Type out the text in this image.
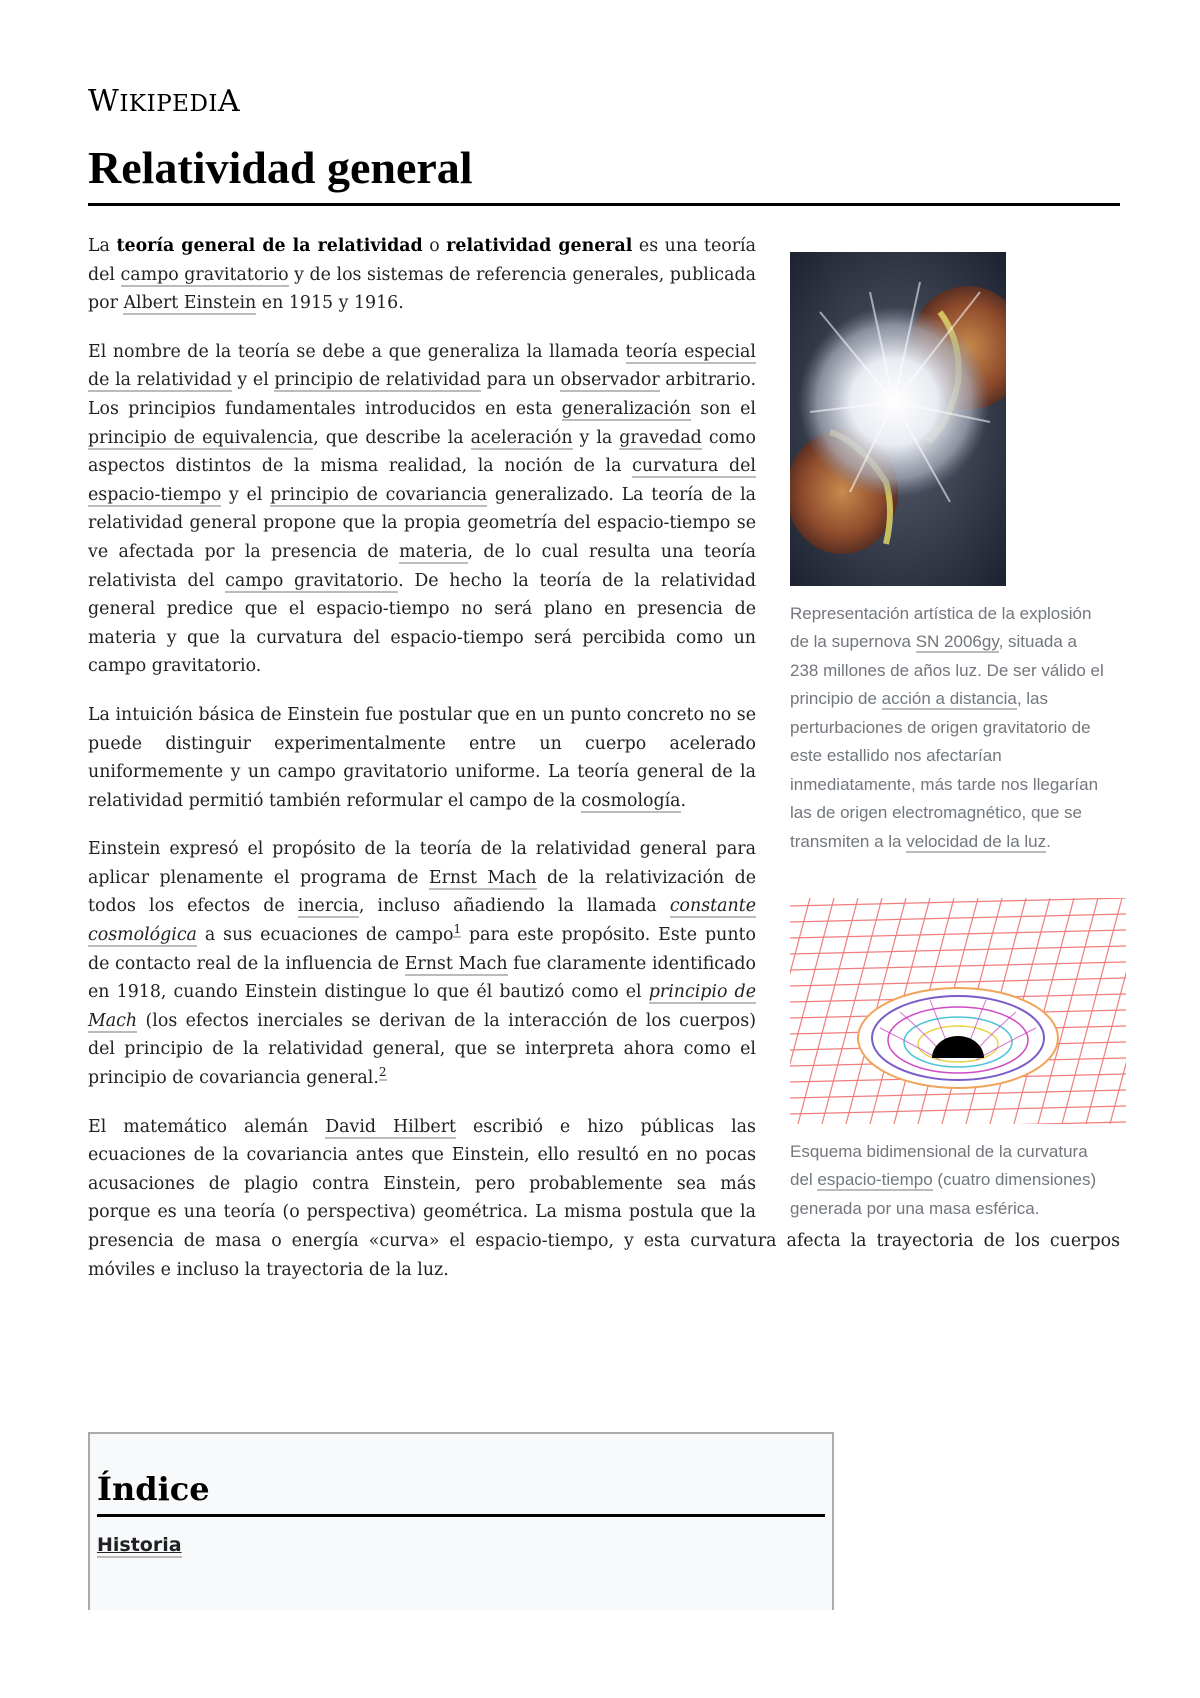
WIKIPEDIA
Relatividad general
Representación artística de la explosión de la supernova SN 2006gy, situada a 238 millones de años luz. De ser válido el principio de acción a distancia, las perturbaciones de origen gravitatorio de este estallido nos afectarían inmediatamente, más tarde nos llegarían las de origen electromagnético, que se transmiten a la velocidad de la luz.
Esquema bidimensional de la curvatura del espacio-tiempo (cuatro dimensiones) generada por una masa esférica.

La teoría general de la relatividad o relatividad general es una teoría del campo gravitatorio y de los sistemas de referencia generales, publicada por Albert Einstein en 1915 y 1916.

El nombre de la teoría se debe a que generaliza la llamada teoría especial de la relatividad y el principio de relatividad para un observador arbitrario. Los principios fundamentales introducidos en esta generalización son el principio de equivalencia, que describe la aceleración y la gravedad como aspectos distintos de la misma realidad, la noción de la curvatura del espacio-tiempo y el principio de covariancia generalizado. La teoría de la relatividad general propone que la propia geometría del espacio-tiempo se ve afectada por la presencia de materia, de lo cual resulta una teoría relativista del campo gravitatorio. De hecho la teoría de la relatividad general predice que el espacio-tiempo no será plano en presencia de materia y que la curvatura del espacio-tiempo será percibida como un campo gravitatorio.

La intuición básica de Einstein fue postular que en un punto concreto no se puede distinguir experimentalmente entre un cuerpo acelerado uniformemente y un campo gravitatorio uniforme. La teoría general de la relatividad permitió también reformular el campo de la cosmología.

Einstein expresó el propósito de la teoría de la relatividad general para aplicar plenamente el programa de Ernst Mach de la relativización de todos los efectos de inercia, incluso añadiendo la llamada constante cosmológica a sus ecuaciones de campo$^1$ para este propósito. Este punto de contacto real de la influencia de Ernst Mach fue claramente identificado en 1918, cuando Einstein distingue lo que él bautizó como el principio de Mach (los efectos inerciales se derivan de la interacción de los cuerpos) del principio de la relatividad general, que se interpreta ahora como el principio de covariancia general.$^2$

El matemático alemán David Hilbert escribió e hizo públicas las ecuaciones de la covariancia antes que Einstein, ello resultó en no pocas acusaciones de plagio contra Einstein, pero probablemente sea más porque es una teoría (o perspectiva) geométrica. La misma postula que la presencia de masa o energía «curva» el espacio-tiempo, y esta curvatura afecta la trayectoria de los cuerpos móviles e incluso la trayectoria de la luz.

Índice
Historia
